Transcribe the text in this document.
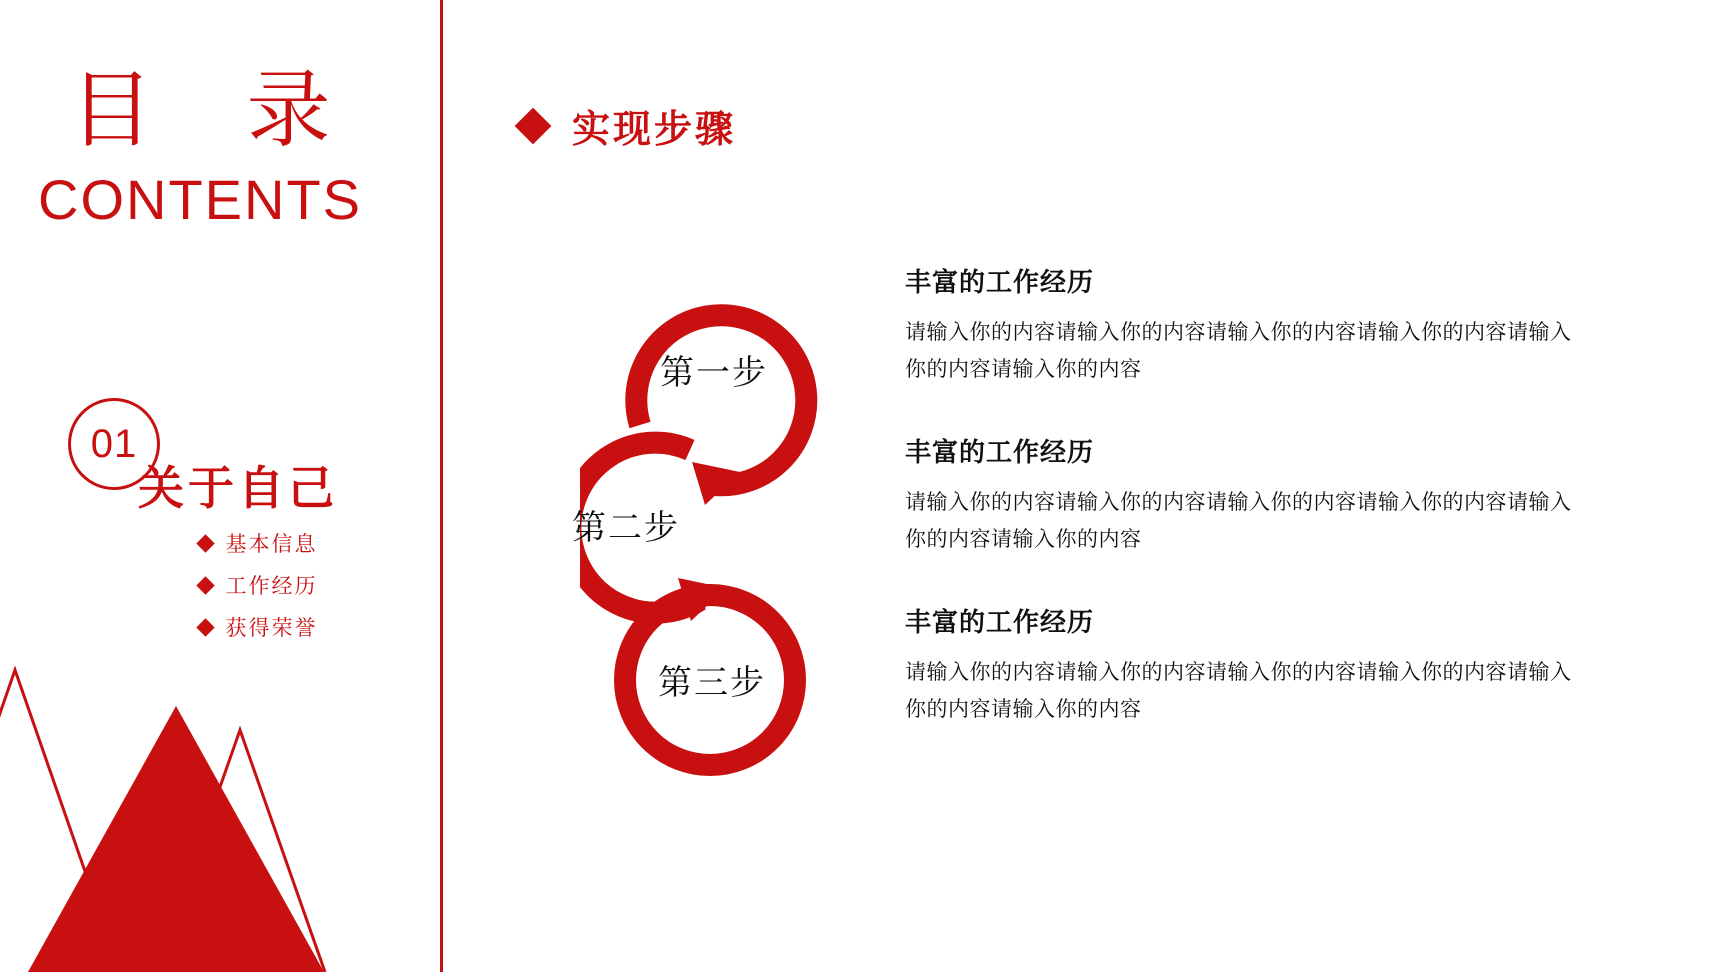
目 录
CONTENTS
01
关于自己
基本信息
工作经历
获得荣誉
实现步骤
第一步
第二步
第三步
丰富的工作经历
请输入你的内容请输入你的内容请输入你的内容请输入你的内容请输入你的内容请输入你的内容
丰富的工作经历
请输入你的内容请输入你的内容请输入你的内容请输入你的内容请输入你的内容请输入你的内容
丰富的工作经历
请输入你的内容请输入你的内容请输入你的内容请输入你的内容请输入你的内容请输入你的内容
